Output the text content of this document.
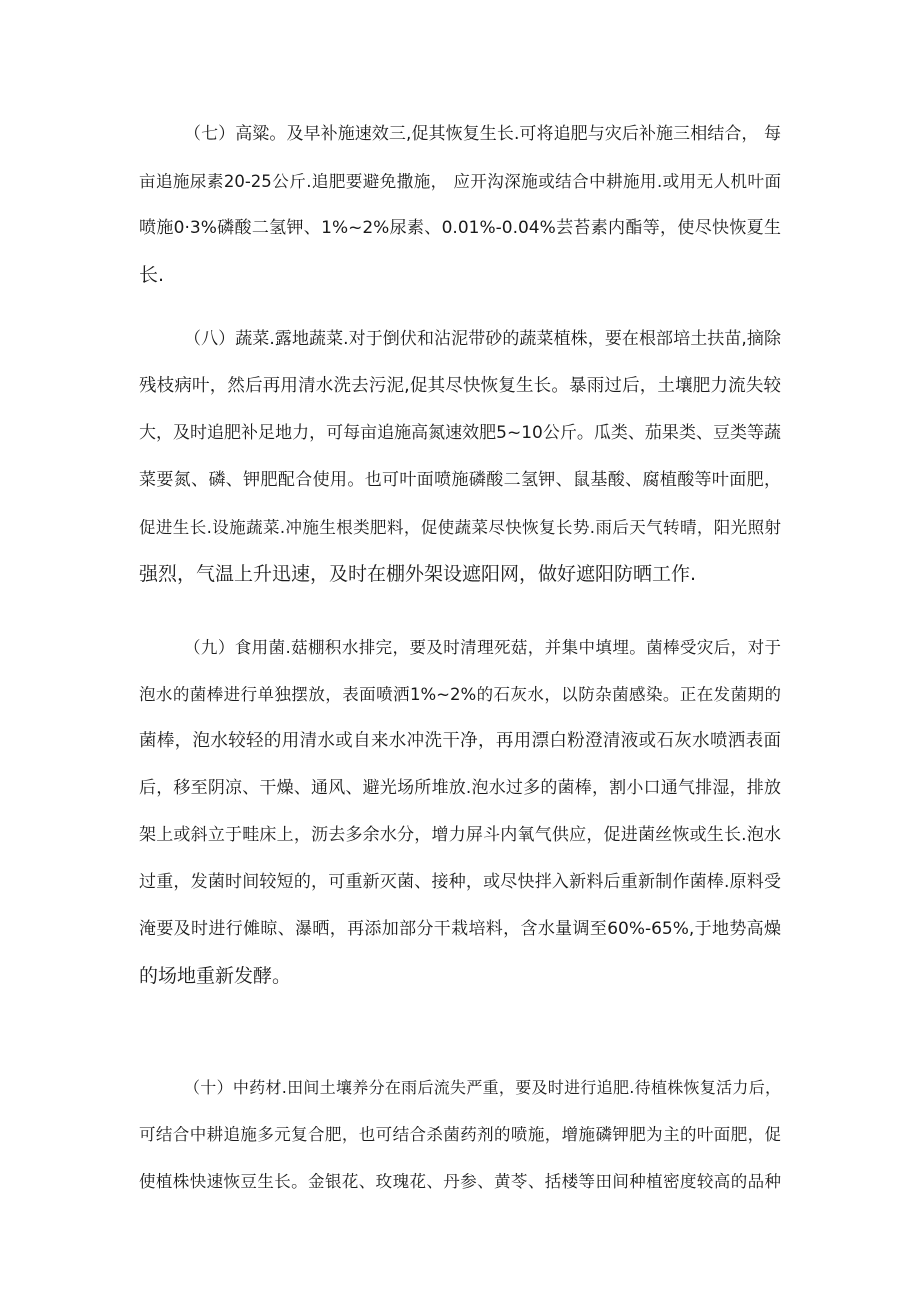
（七）高粱。及早补施速效三,促其恢复生长.可将追肥与灾后补施三相结合， 每
亩追施尿素20-25公斤.追肥要避免撒施， 应开沟深施或结合中耕施用.或用无人机叶面
喷施0·3%磷酸二氢钾、1%~2%尿素、0.01%-0.04%芸苔素内酯等，使尽快恢夏生
长.
（八）蔬菜.露地蔬菜.对于倒伏和沾泥带砂的蔬菜植株，要在根部培土扶苗,摘除
残枝病叶，然后再用清水洗去污泥,促其尽快恢复生长。暴雨过后，土壤肥力流失较
大，及时追肥补足地力，可每亩追施高氮速效肥5~10公斤。瓜类、茄果类、豆类等蔬
菜要氮、磷、钾肥配合使用。也可叶面喷施磷酸二氢钾、鼠基酸、腐植酸等叶面肥，
促进生长.设施蔬菜.冲施生根类肥料，促使蔬菜尽快恢复长势.雨后天气转晴，阳光照射
强烈，气温上升迅速，及时在棚外架设遮阳网，做好遮阳防晒工作.
（九）食用菌.菇棚积水排完，要及时清理死菇，并集中填埋。菌棒受灾后，对于
泡水的菌棒进行单独摆放，表面喷洒1%~2%的石灰水，以防杂菌感染。正在发菌期的
菌棒，泡水较轻的用清水或自来水冲洗干净，再用漂白粉澄清液或石灰水喷洒表面
后，移至阴凉、干燥、通风、避光场所堆放.泡水过多的菌棒，割小口通气排湿，排放
架上或斜立于畦床上，沥去多余水分，增力屏斗内氧气供应，促进菌丝恢或生长.泡水
过重，发菌时间较短的，可重新灭菌、接种，或尽快拌入新料后重新制作菌棒.原料受
淹要及时进行傩晾、瀑晒，再添加部分干栽培料，含水量调至60%-65%,于地势高燥
的场地重新发酵。
（十）中药材.田间土壤养分在雨后流失严重，要及时进行追肥.待植株恢复活力后，
可结合中耕追施多元复合肥，也可结合杀菌药剂的喷施，增施磷钾肥为主的叶面肥，促
使植株快速恢豆生长。金银花、玫瑰花、丹参、黄苓、括楼等田间种植密度较高的品种
